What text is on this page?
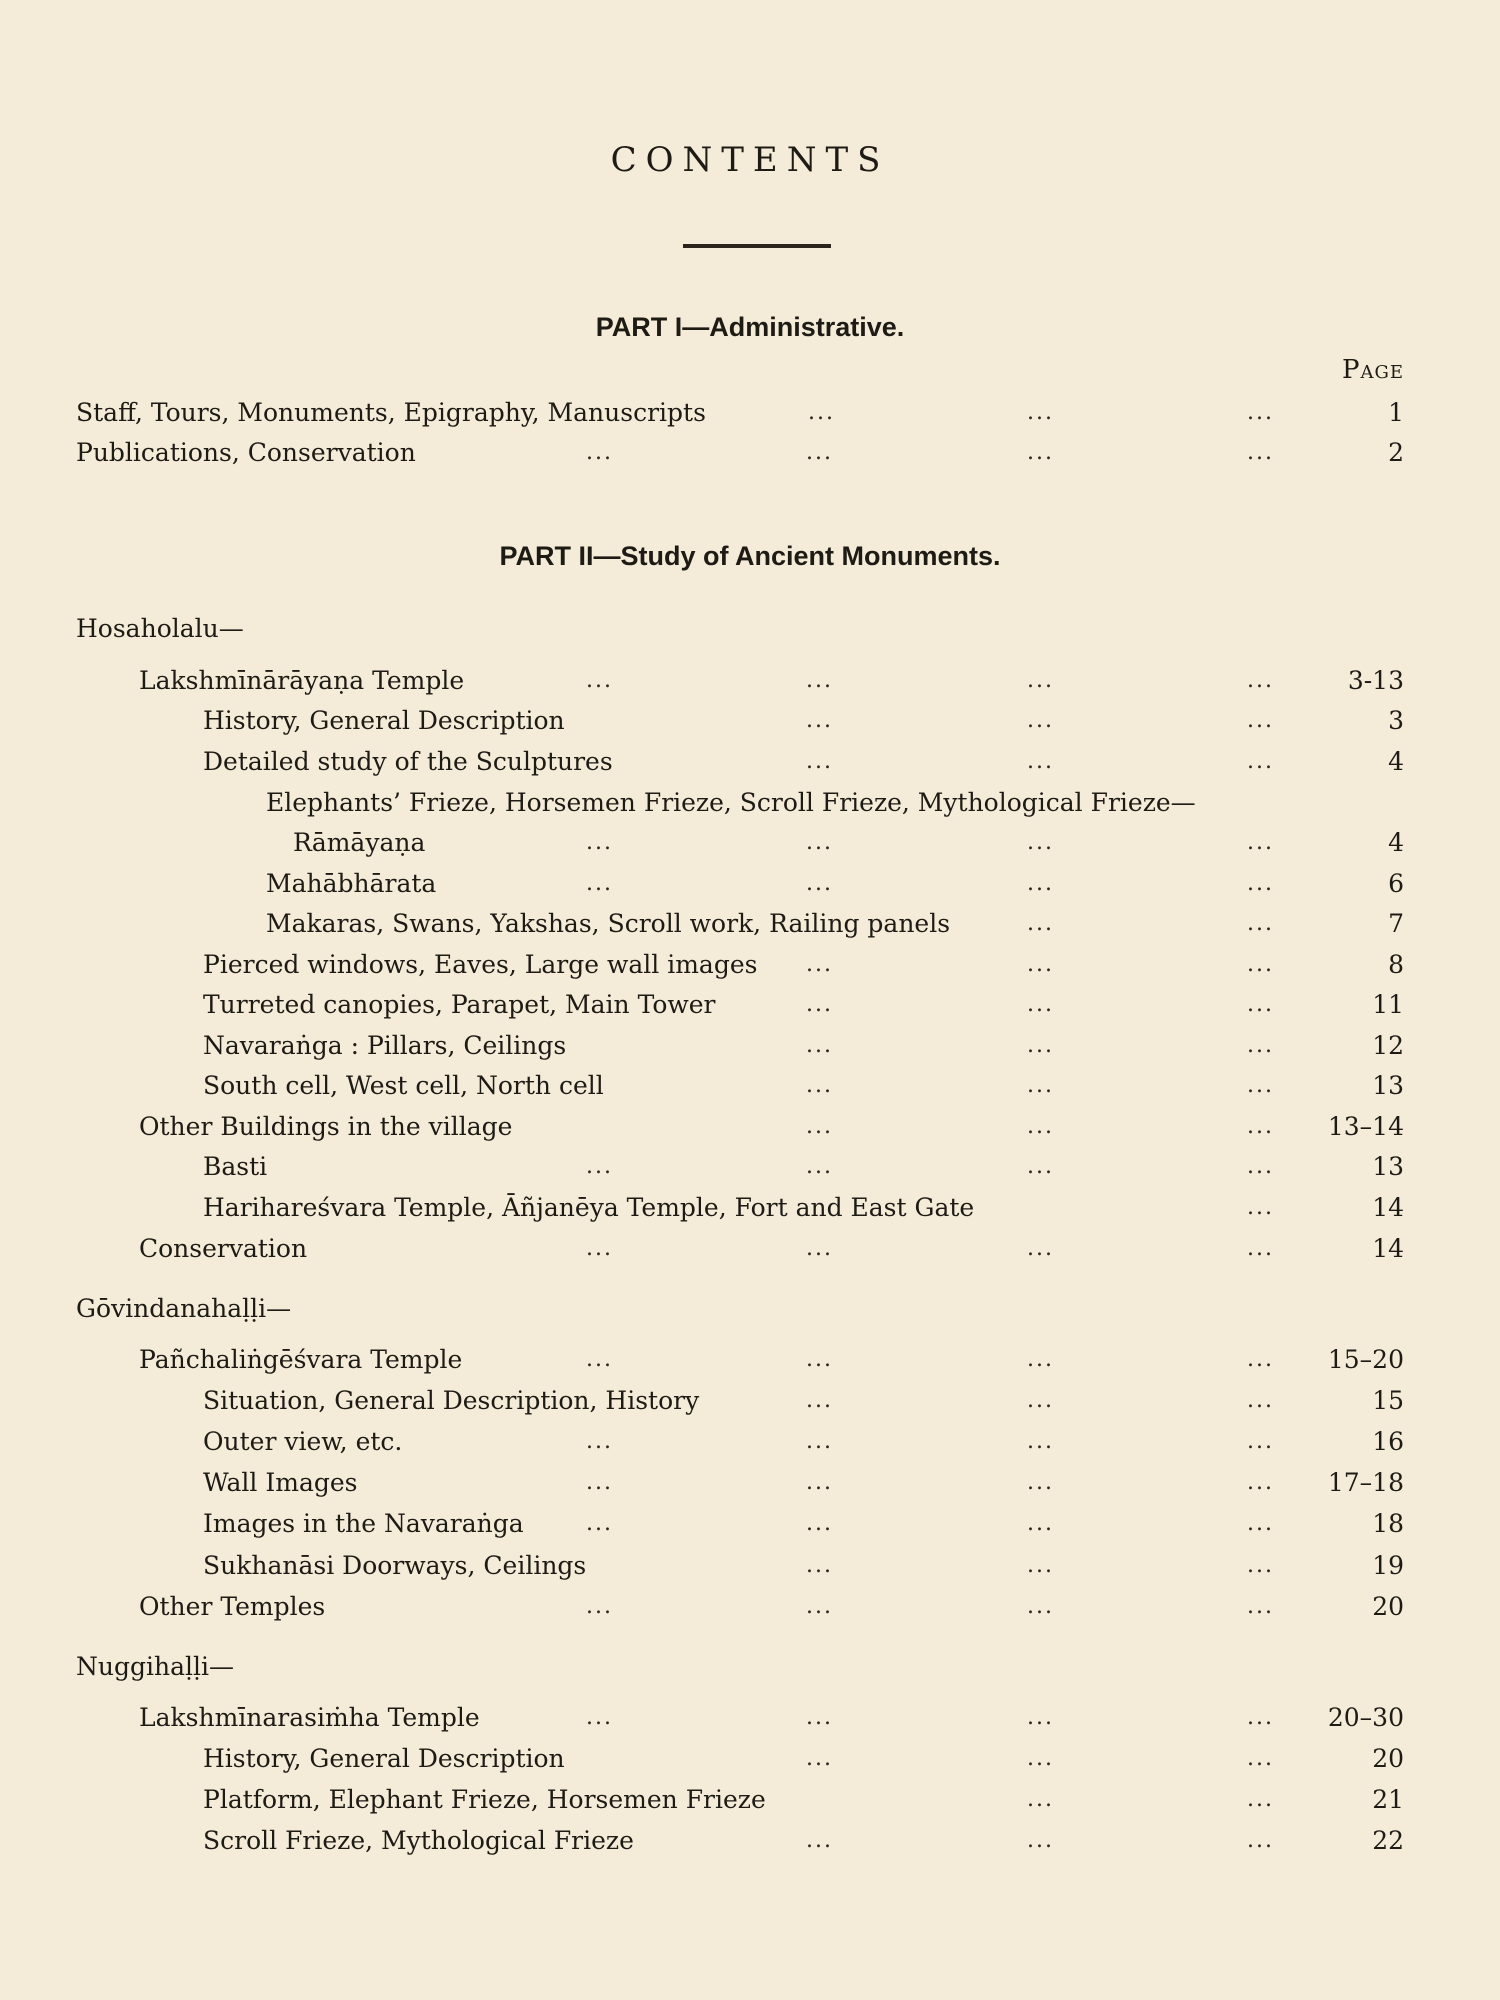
CONTENTS
PART I—Administrative.
Page
Staff, Tours, Monuments, Epigraphy, Manuscripts	...	...	...	1
Publications, Conservation	...	...	...	...	2
PART II—Study of Ancient Monuments.
Hosaholalu—
Lakshmīnārāyaṇa Temple	...	...	...	...	3-13
History, General Description	...	...	...	3
Detailed study of the Sculptures	...	...	...	4
Elephants’ Frieze, Horsemen Frieze, Scroll Frieze, Mythological Frieze—
Rāmāyaṇa	...	...	...	...	4
Mahābhārata	...	...	...	...	6
Makaras, Swans, Yakshas, Scroll work, Railing panels	...	...	7
Pierced windows, Eaves, Large wall images ...	...	...	8
Turreted canopies, Parapet, Main Tower	...	...	...	11
Navaraṅga : Pillars, Ceilings	...	...	...	12
South cell, West cell, North cell	...	...	...	13
Other Buildings in the village	...	...	... 13–14
Basti	...	...	...	...	13
Harihareśvara Temple, Āñjanēya Temple, Fort and East Gate	...	14
Conservation	...	...	...	...	14
Gōvindanahaḷḷi—
Pañchaliṅgēśvara Temple	...	...	...	... 15–20
Situation, General Description, History	...	...	...	15
Outer view, etc.	...	...	...	...	16
Wall Images	...	...	...	... 17–18
Images in the Navaraṅga	...	...	...	...	18
Sukhanāsi Doorways, Ceilings	...	...	...	19
Other Temples	...	...	...	...	20
Nuggihaḷḷi—
Lakshmīnarasiṁha Temple	...	...	...	... 20–30
History, General Description	...	...	...	20
Platform, Elephant Frieze, Horsemen Frieze	...	...	21
Scroll Frieze, Mythological Frieze	...	...	...	22
